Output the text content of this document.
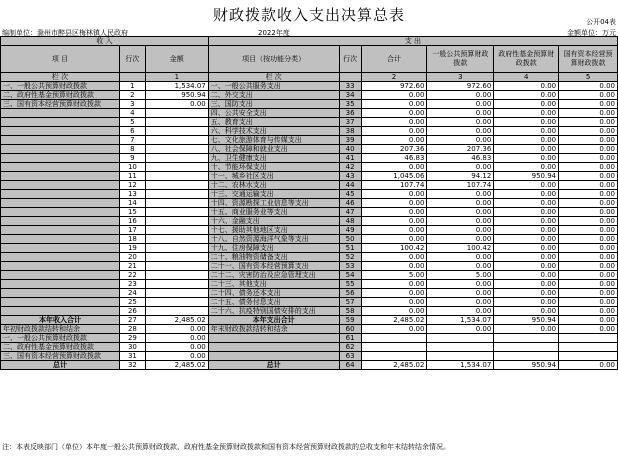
财政拨款收入支出决算总表	公开04表
编制单位：滁州市醉县区梅林镇人民政府	2022年度	金额单位：万元
收 入			支 出					
项 目	行次	金额	项目（按功能分类）	行次	合计	一般公共预算财政拨款	政府性基金预算财政拨款	国有资本经营预算财政拨款
栏 次		1	栏 次		2	3	4	5
一、一般公共预算财政拨款	1	1,534.07	一、一般公共服务支出	33	972.60	972.60	0.00	0.00
二、政府性基金预算财政拨款	2	950.94	二、外交支出	34	0.00	0.00	0.00	0.00
三、国有资本经营预算财政拨款	3	0.00	三、国防支出	35	0.00	0.00	0.00	0.00
	4		四、公共安全支出	36	0.00	0.00	0.00	0.00
	5		五、教育支出	37	0.00	0.00	0.00	0.00
	6		六、科学技术支出	38	0.00	0.00	0.00	0.00
	7		七、文化旅游体育与传媒支出	39	0.00	0.00	0.00	0.00
	8		八、社会保障和就业支出	40	207.36	207.36	0.00	0.00
	9		九、卫生健康支出	41	46.83	46.83	0.00	0.00
	10		十、节能环保支出	42	0.00	0.00	0.00	0.00
	11		十一、城乡社区支出	43	1,045.06	94.12	950.94	0.00
	12		十二、农林水支出	44	107.74	107.74	0.00	0.00
	13		十三、交通运输支出	45	0.00	0.00	0.00	0.00
	14		十四、资源勘探工业信息等支出	46	0.00	0.00	0.00	0.00
	15		十五、商业服务业等支出	47	0.00	0.00	0.00	0.00
	16		十六、金融支出	48	0.00	0.00	0.00	0.00
	17		十七、援助其他地区支出	49	0.00	0.00	0.00	0.00
	18		十八、自然资源海洋气象等支出	50	0.00	0.00	0.00	0.00
	19		十九、住房保障支出	51	100.42	100.42	0.00	0.00
	20		二十、粮油物资储备支出	52	0.00	0.00	0.00	0.00
	21		二十一、国有资本经营预算支出	53	0.00	0.00	0.00	0.00
	22		二十二、灾害防治及应急管理支出	54	5.00	5.00	0.00	0.00
	23		二十三、其他支出	55	0.00	0.00	0.00	0.00
	24		二十四、债务还本支出	56	0.00	0.00	0.00	0.00
	25		二十五、债务付息支出	57	0.00	0.00	0.00	0.00
	26		二十六、抗疫特别国债安排的支出	58	0.00	0.00	0.00	0.00
本年收入合计	27	2,485.02	本年支出合计	59	2,485.02	1,534.07	950.94	0.00
年初财政拨款结转和结余	28	0.00	年末财政拨款结转和结余	60	0.00	0.00	0.00	0.00
一、一般公共预算财政拨款	29	0.00		61				
二、政府性基金预算财政拨款	30	0.00		62				
三、国有资本经营预算财政拨款	31	0.00		63				
总计	32	2,485.02	总计	64	2,485.02	1,534.07	950.94	0.00
注：本表反映部门（单位）本年度一般公共预算财政拨款、政府性基金预算财政拨款和国有资本经营预算财政拨款的总收支和年末结转结余情况。
